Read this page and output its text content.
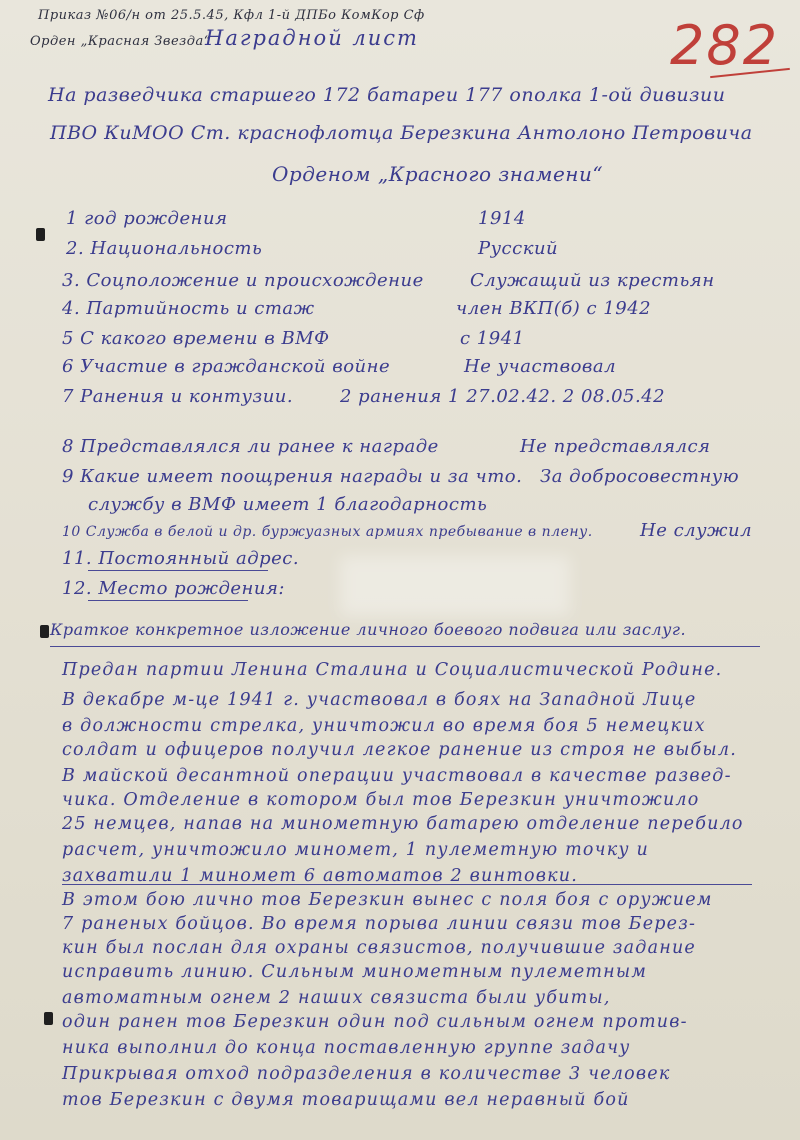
Приказ №06/н от 25.5.45, Кфл 1-й ДПБо КомКор Сф
Орден „Красная Звезда“
Наградной лист	282
На разведчика старшего 172 батареи 177 ополка 1-ой дивизии
ПВО КиМОО Ст. краснофлотца Березкина Антолоно Петровича
Орденом „Красного знамени“
1 год рождения	1914
2. Национальность	Русский
3. Соцположение и происхождение	Служащий из крестьян
4. Партийность и стаж	член ВКП(б) с 1942
5 С какого времени в ВМФ	с 1941
6 Участие в гражданской войне	Не участвовал
7 Ранения и контузии.	2 ранения 1 27.02.42. 2 08.05.42
8 Представлялся ли ранее к награде	Не представлялся
9 Какие имеет поощрения награды и за что. За добросовестную
службу в ВМФ имеет 1 благодарность
10 Служба в белой и др. буржуазных армиях пребывание в плену.	Не служил
11. Постоянный адрес.
12. Место рождения:
Краткое конкретное изложение личного боевого подвига или заслуг.
Предан партии Ленина Сталина и Социалистической Родине.
В декабре м-це 1941 г. участвовал в боях на Западной Лице
в должности стрелка, уничтожил во время боя 5 немецких
солдат и офицеров получил легкое ранение из строя не выбыл.
В майской десантной операции участвовал в качестве развед-
чика. Отделение в котором был тов Березкин уничтожило
25 немцев, напав на минометную батарею отделение перебило
расчет, уничтожило миномет, 1 пулеметную точку и
захватили 1 миномет 6 автоматов 2 винтовки.
В этом бою лично тов Березкин вынес с поля боя с оружием
7 раненых бойцов. Во время порыва линии связи тов Берез-
кин был послан для охраны связистов, получившие задание
исправить линию. Сильным минометным пулеметным
автоматным огнем 2 наших связиста были убиты,
один ранен тов Березкин один под сильным огнем против-
ника выполнил до конца поставленную группе задачу
Прикрывая отход подразделения в количестве 3 человек
тов Березкин с двумя товарищами вел неравный бой
